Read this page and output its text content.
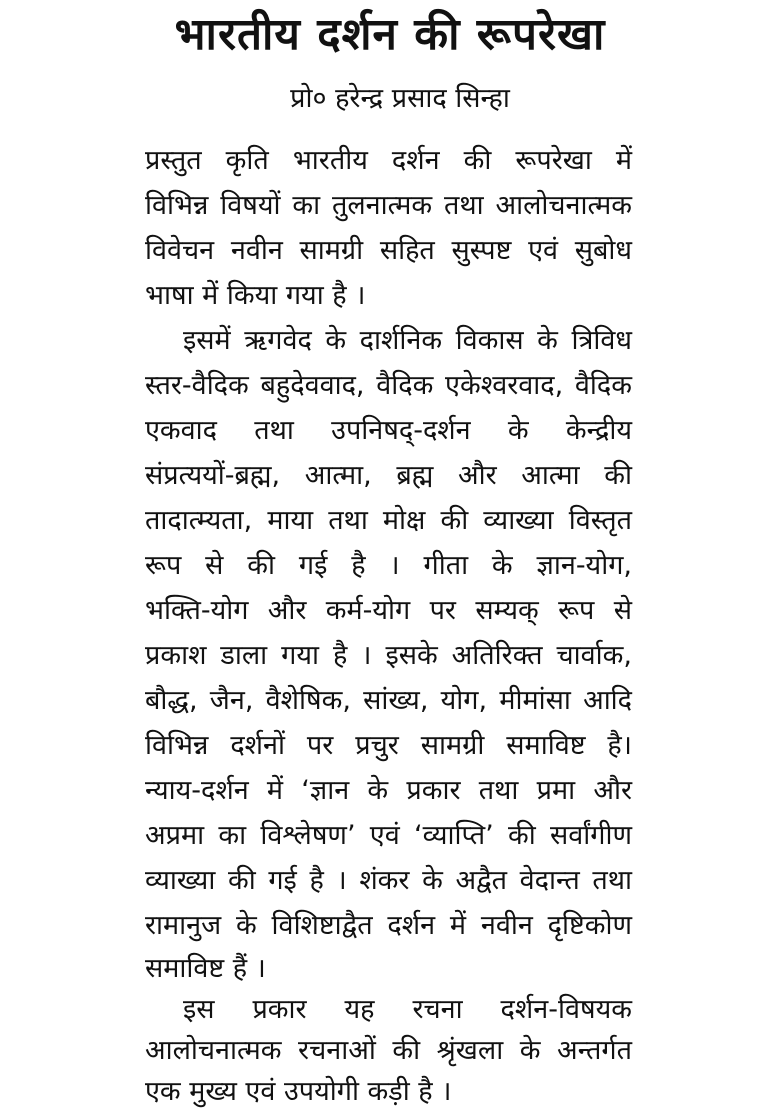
भारतीय दर्शन की रूपरेखा
प्रो० हरेन्द्र प्रसाद सिन्हा
प्रस्तुत कृति भारतीय दर्शन की रूपरेखा में
विभिन्न विषयों का तुलनात्मक तथा आलोचनात्मक
विवेचन नवीन सामग्री सहित सुस्पष्ट एवं सुबोध
भाषा में किया गया है ।
इसमें ऋगवेद के दार्शनिक विकास के त्रिविध
स्तर-वैदिक बहुदेववाद, वैदिक एकेश्वरवाद, वैदिक
एकवाद तथा उपनिषद्-दर्शन के केन्द्रीय
संप्रत्ययों-ब्रह्म, आत्मा, ब्रह्म और आत्मा की
तादात्म्यता, माया तथा मोक्ष की व्याख्या विस्तृत
रूप से की गई है । गीता के ज्ञान-योग,
भक्ति-योग और कर्म-योग पर सम्यक् रूप से
प्रकाश डाला गया है । इसके अतिरिक्त चार्वाक,
बौद्ध, जैन, वैशेषिक, सांख्य, योग, मीमांसा आदि
विभिन्न दर्शनों पर प्रचुर सामग्री समाविष्ट है।
न्याय-दर्शन में ‘ज्ञान के प्रकार तथा प्रमा और
अप्रमा का विश्लेषण’ एवं ‘व्याप्ति’ की सर्वांगीण
व्याख्या की गई है । शंकर के अद्वैत वेदान्त तथा
रामानुज के विशिष्टाद्वैत दर्शन में नवीन दृष्टिकोण
समाविष्ट हैं ।
इस प्रकार यह रचना दर्शन-विषयक
आलोचनात्मक रचनाओं की श्रृंखला के अन्तर्गत
एक मुख्य एवं उपयोगी कड़ी है ।
